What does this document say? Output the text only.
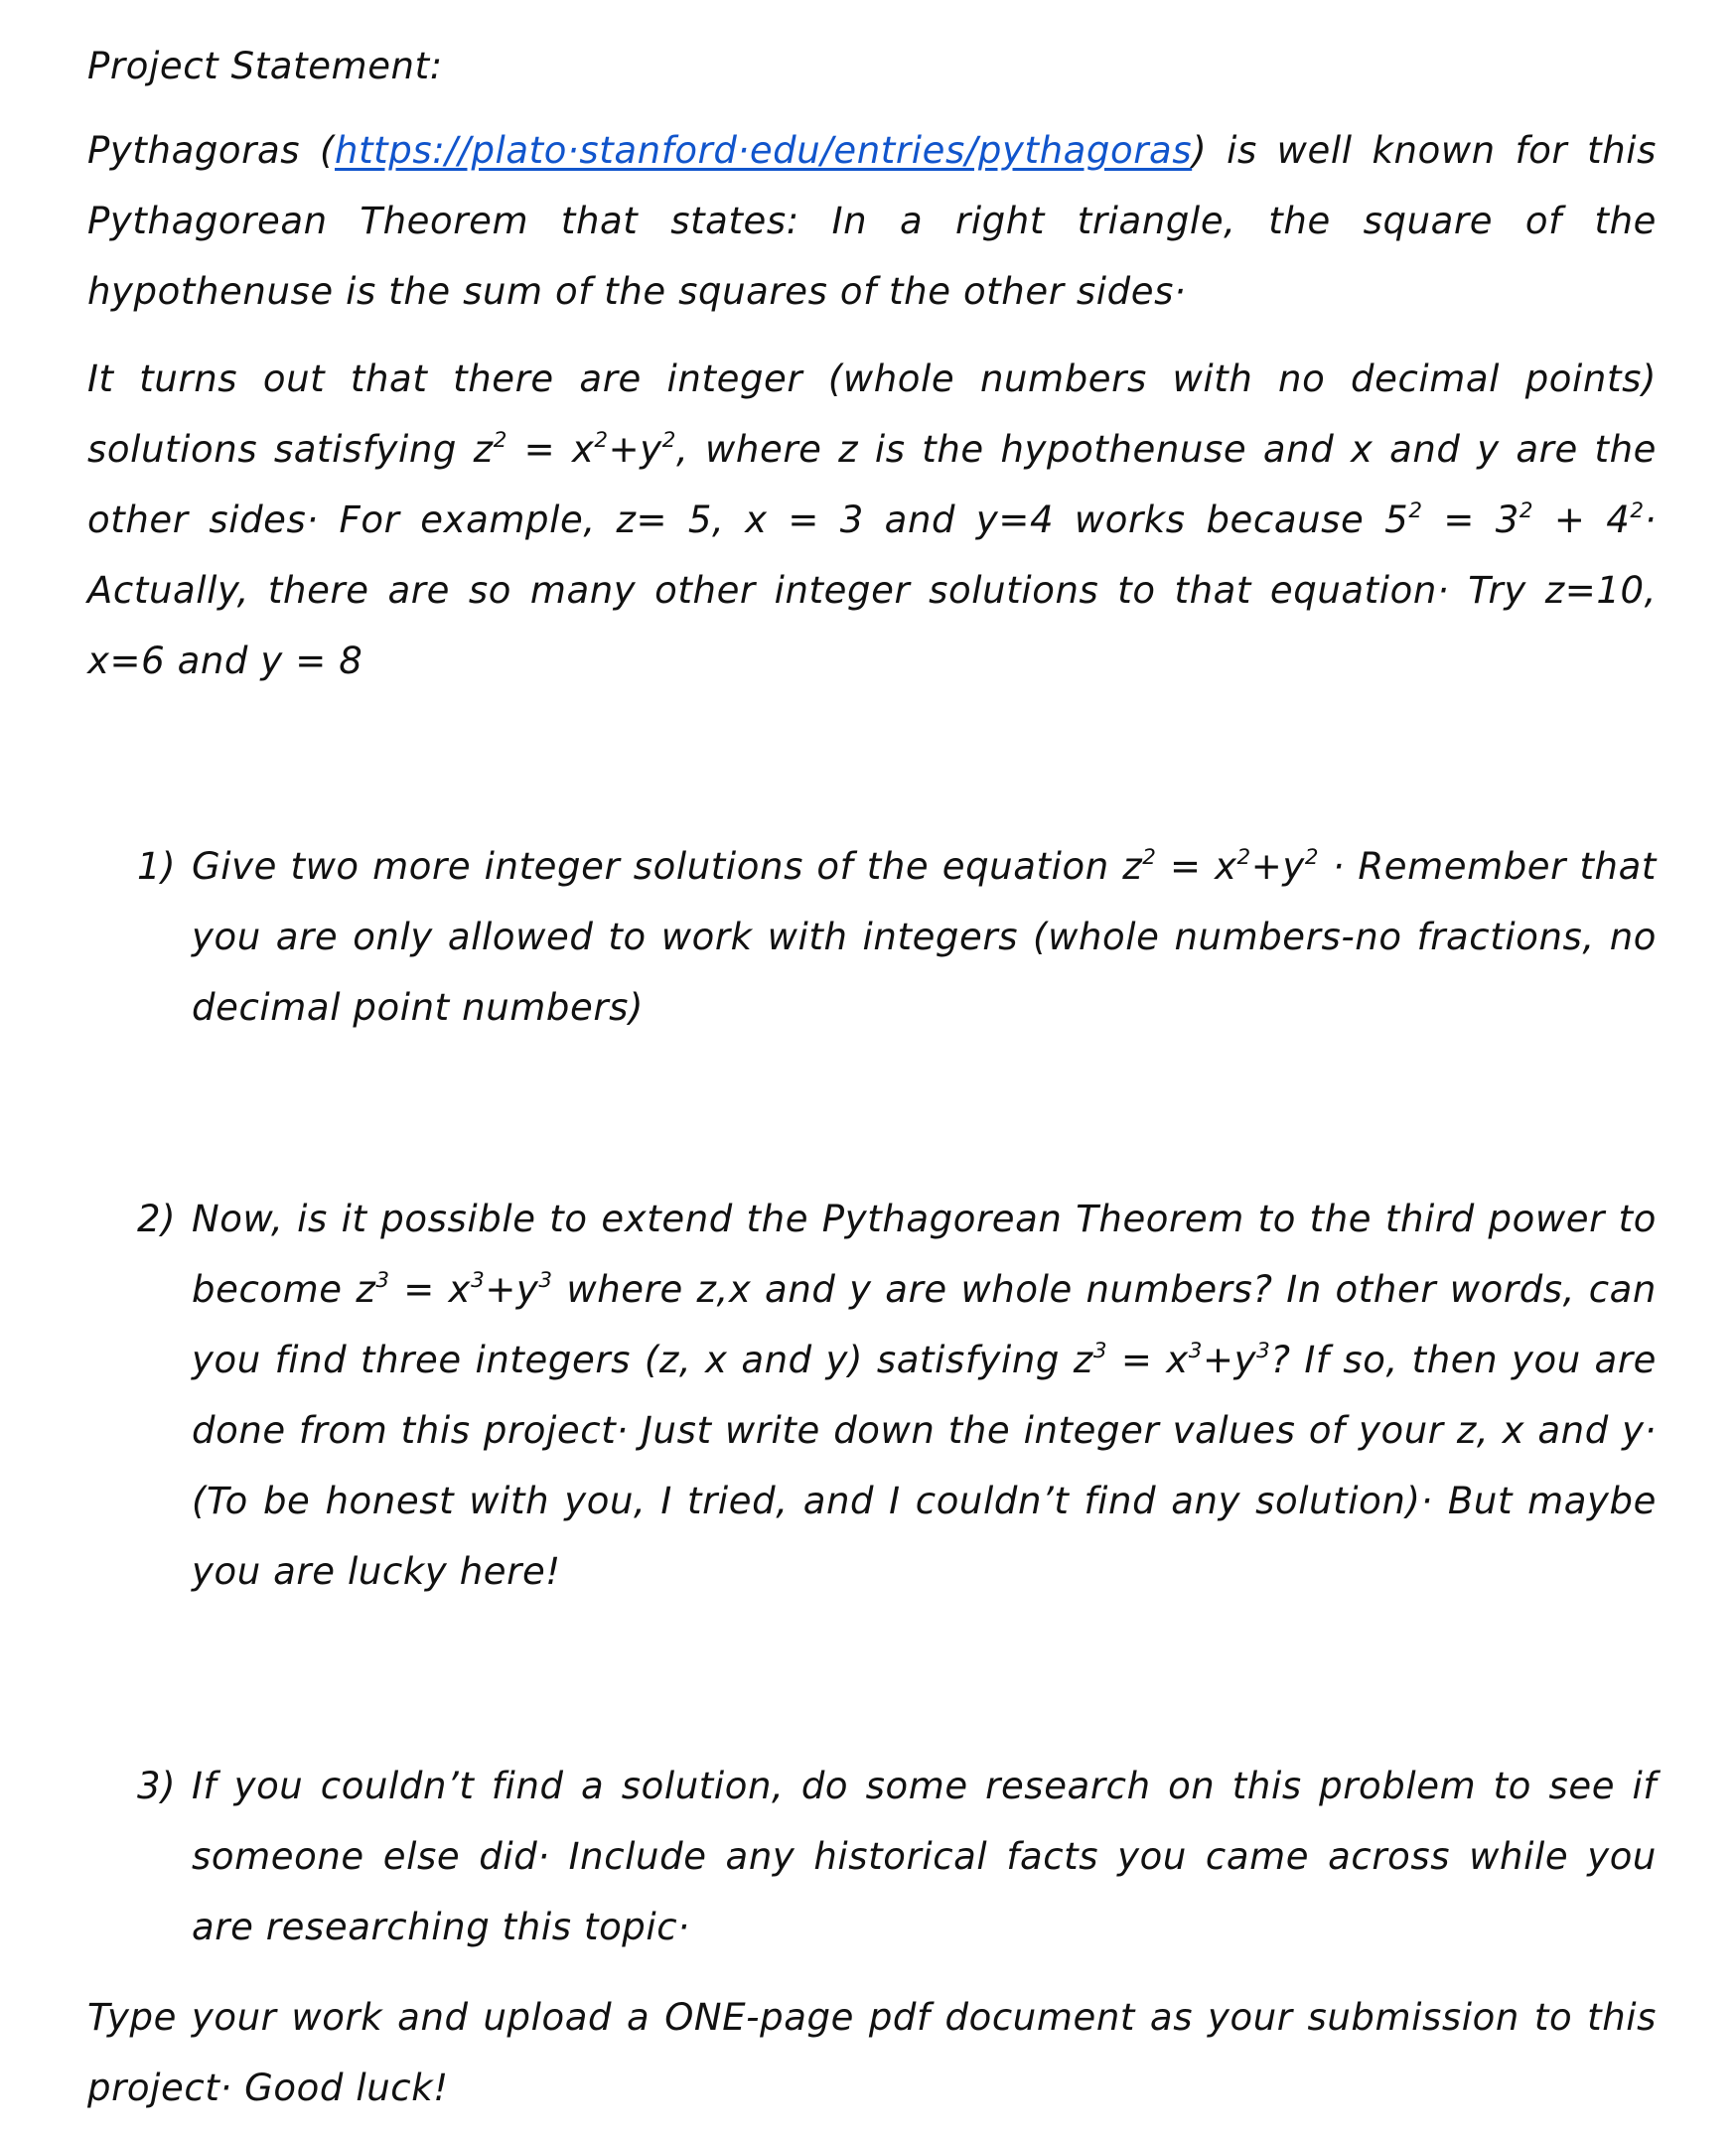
Project Statement:

Pythagoras (https://plato·stanford·edu/entries/pythagoras) is well known for this Pythagorean Theorem that states: In a right triangle, the square of the hypothenuse is the sum of the squares of the other sides·

It turns out that there are integer (whole numbers with no decimal points) solutions satisfying $z^2 = x^2+y^2$, where z is the hypothenuse and x and y are the other sides· For example, z= 5, x = 3 and y=4 works because $5^2 = 3^2 + 4^2\cdot$ Actually, there are so many other integer solutions to that equation· Try z=10, x=6 and y = 8

1) Give two more integer solutions of the equation $z^2 = x^2+y^2$ · Remember that you are only allowed to work with integers (whole numbers-no fractions, no decimal point numbers)

2) Now, is it possible to extend the Pythagorean Theorem to the third power to become $z^3 = x^3+y^3$ where z,x and y are whole numbers? In other words, can you find three integers (z, x and y) satisfying $z^3 = x^3+y^3$? If so, then you are done from this project· Just write down the integer values of your z, x and y· (To be honest with you, I tried, and I couldn’t find any solution)· But maybe you are lucky here!

3) If you couldn’t find a solution, do some research on this problem to see if someone else did· Include any historical facts you came across while you are researching this topic·

Type your work and upload a ONE-page pdf document as your submission to this project· Good luck!
